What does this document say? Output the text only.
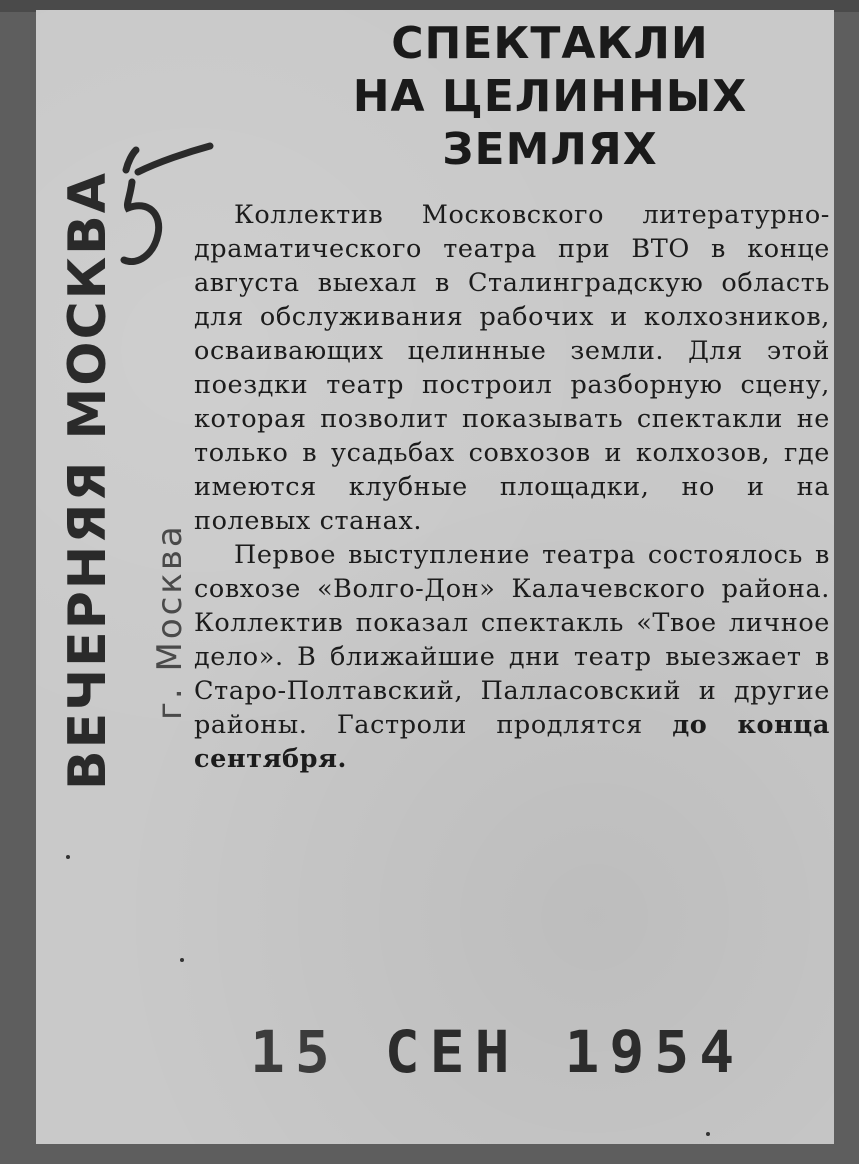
СПЕКТАКЛИ
НА ЦЕЛИННЫХ
ЗЕМЛЯХ
ВЕЧЕРНЯЯ МОСКВА г. Москва

Коллектив Московского литературно-драматического театра при ВТО в конце августа выехал в Сталинградскую область для обслуживания рабочих и колхозников, осваивающих целинные земли. Для этой поездки театр построил разборную сцену, которая позволит показывать спектакли не только в усадьбах совхозов и колхозов, где имеются клубные площадки, но и на полевых станах.

Первое выступление театра состоялось в совхозе «Волго-Дон» Калачевского района. Коллектив показал спектакль «Твое личное дело». В ближайшие дни театр выезжает в Старо-Полтавский, Палласовский и другие районы. Гастроли продлятся до конца сентября.

15 СЕН 1954
